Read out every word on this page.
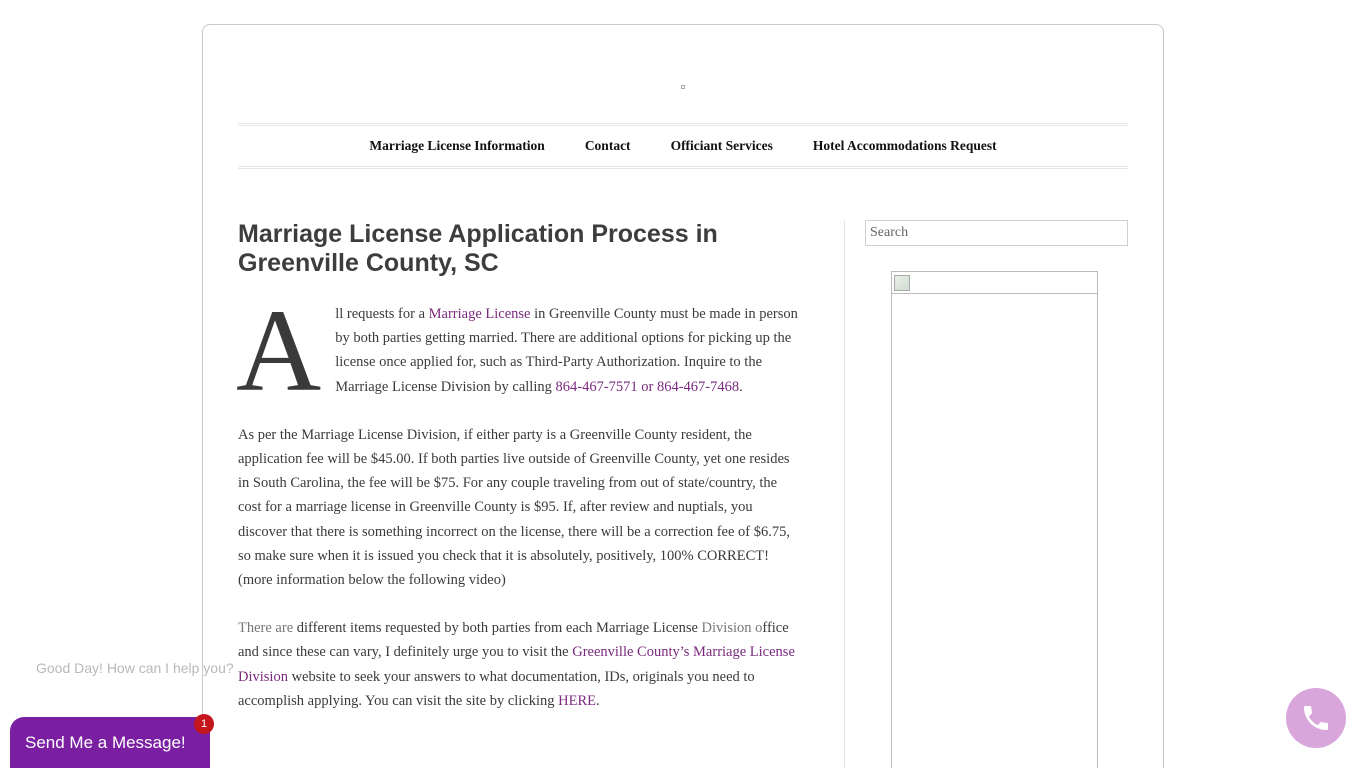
Marriage License Information	Contact	Officiant Services	Hotel Accommodations Request
Marriage License Application Process in Greenville County, SC

All requests for a Marriage License in Greenville County must be made in person by both parties getting married. There are additional options for picking up the license once applied for, such as Third-Party Authorization. Inquire to the Marriage License Division by calling 864-467-7571 or 864-467-7468.

As per the Marriage License Division, if either party is a Greenville County resident, the application fee will be $45.00. If both parties live outside of Greenville County, yet one resides in South Carolina, the fee will be $75. For any couple traveling from out of state/country, the cost for a marriage license in Greenville County is $95. If, after review and nuptials, you discover that there is something incorrect on the license, there will be a correction fee of $6.75, so make sure when it is issued you check that it is absolutely, positively, 100% CORRECT! (more information below the following video)

There are different items requested by both parties from each Marriage License Division office and since these can vary, I definitely urge you to visit the Greenville County’s Marriage License Division website to seek your answers to what documentation, IDs, originals you need to accomplish applying. You can visit the site by clicking HERE.

Search
Good Day! How can I help you?
Send Me a Message!
1
